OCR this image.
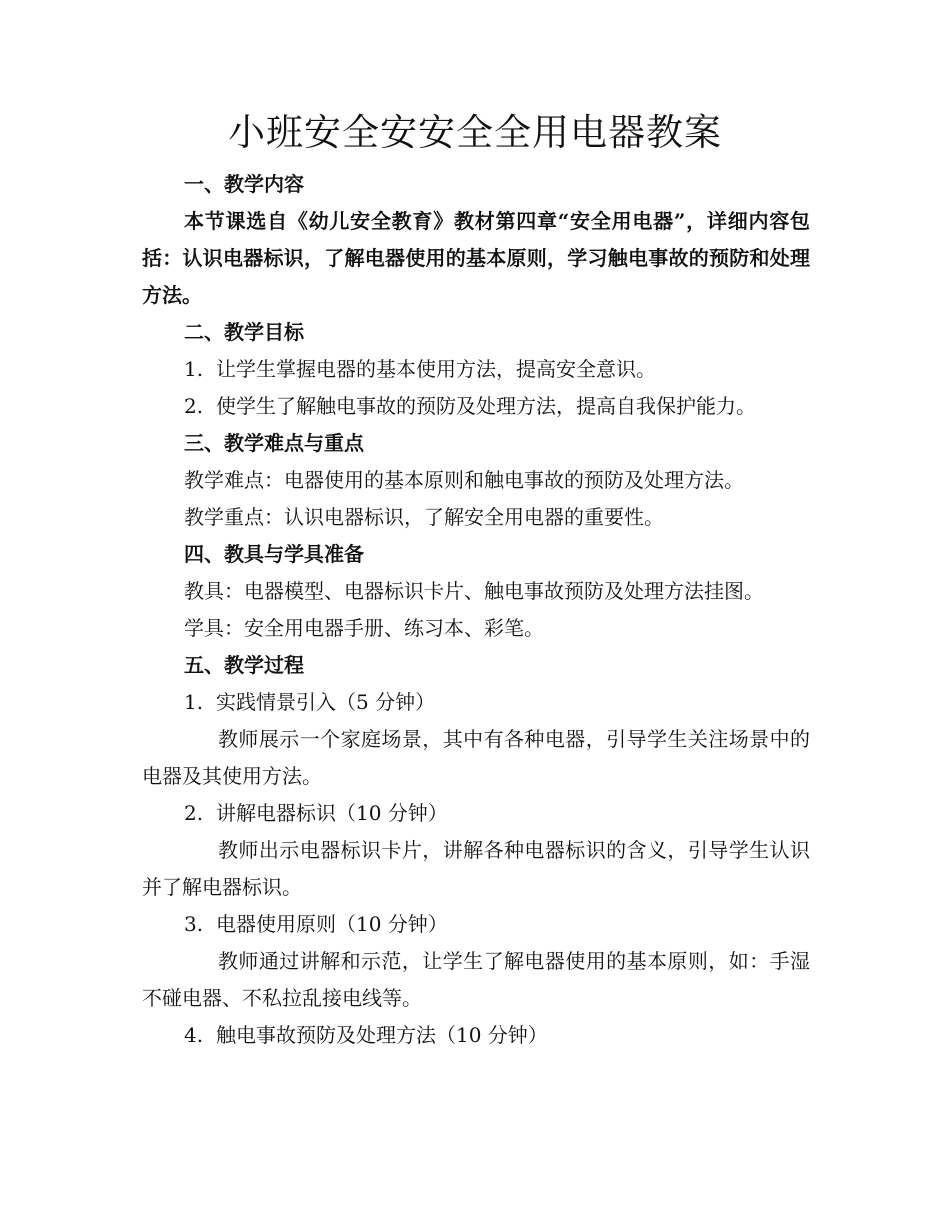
小班安全安安全全用电器教案

一、教学内容

本节课选自《幼儿安全教育》教材第四章“安全用电器”，详细内容包括：认识电器标识，了解电器使用的基本原则，学习触电事故的预防和处理方法。

二、教学目标

1. 让学生掌握电器的基本使用方法，提高安全意识。

2. 使学生了解触电事故的预防及处理方法，提高自我保护能力。

三、教学难点与重点

教学难点：电器使用的基本原则和触电事故的预防及处理方法。

教学重点：认识电器标识，了解安全用电器的重要性。

四、教具与学具准备

教具：电器模型、电器标识卡片、触电事故预防及处理方法挂图。

学具：安全用电器手册、练习本、彩笔。

五、教学过程

1. 实践情景引入（5 分钟）

教师展示一个家庭场景，其中有各种电器，引导学生关注场景中的电器及其使用方法。

2. 讲解电器标识（10 分钟）

教师出示电器标识卡片，讲解各种电器标识的含义，引导学生认识并了解电器标识。

3. 电器使用原则（10 分钟）

教师通过讲解和示范，让学生了解电器使用的基本原则，如：手湿不碰电器、不私拉乱接电线等。

4. 触电事故预防及处理方法（10 分钟）
